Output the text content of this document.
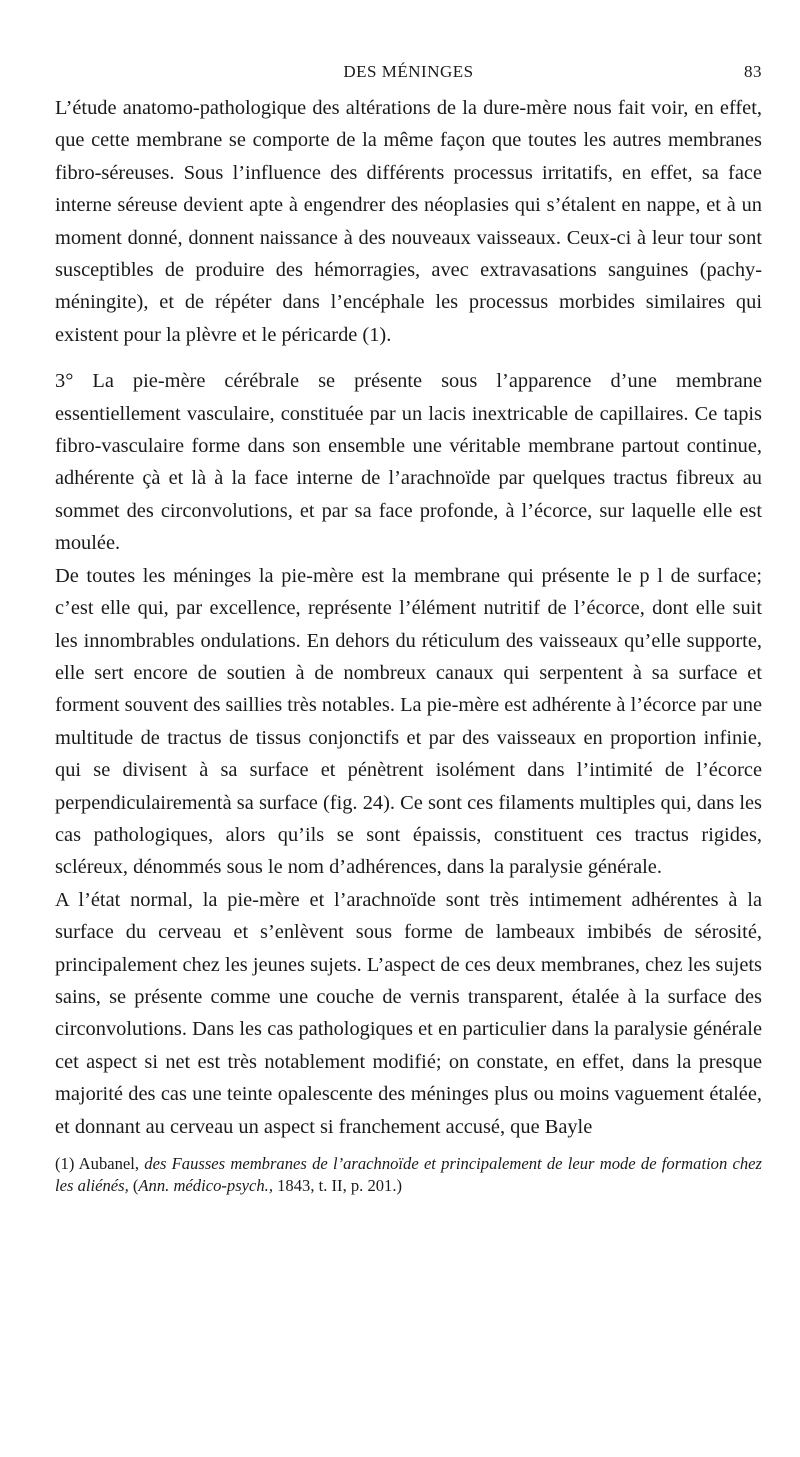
DES MÉNINGES	83

L’étude anatomo-pathologique des altérations de la dure-mère nous fait voir, en effet, que cette membrane se comporte de la même façon que toutes les autres membranes fibro-séreuses. Sous l’influence des différents processus irritatifs, en effet, sa face interne séreuse devient apte à engendrer des néoplasies qui s’étalent en nappe, et à un moment donné, donnent naissance à des nouveaux vaisseaux. Ceux-ci à leur tour sont susceptibles de produire des hémorragies, avec extravasations sanguines (pachy-méningite), et de répéter dans l’encéphale les processus morbides similaires qui existent pour la plèvre et le péricarde (1).

3° La pie-mère cérébrale se présente sous l’apparence d’une membrane essentiellement vasculaire, constituée par un lacis inextricable de capillaires. Ce tapis fibro-vasculaire forme dans son ensemble une véritable membrane partout continue, adhérente çà et là à la face interne de l’arachnoïde par quelques tractus fibreux au sommet des circonvolutions, et par sa face profonde, à l’écorce, sur laquelle elle est moulée.

De toutes les méninges la pie-mère est la membrane qui présente le p l de surface; c’est elle qui, par excellence, représente l’élément nutritif de l’écorce, dont elle suit les innombrables ondulations. En dehors du réticulum des vaisseaux qu’elle supporte, elle sert encore de soutien à de nombreux canaux qui serpentent à sa surface et forment souvent des saillies très notables. La pie-mère est adhérente à l’écorce par une multitude de tractus de tissus conjonctifs et par des vaisseaux en proportion infinie, qui se divisent à sa surface et pénètrent isolément dans l’intimité de l’écorce perpendiculairementà sa surface (fig. 24). Ce sont ces filaments multiples qui, dans les cas pathologiques, alors qu’ils se sont épaissis, constituent ces tractus rigides, scléreux, dénommés sous le nom d’adhérences, dans la paralysie générale.

A l’état normal, la pie-mère et l’arachnoïde sont très intimement adhérentes à la surface du cerveau et s’enlèvent sous forme de lambeaux imbibés de sérosité, principalement chez les jeunes sujets. L’aspect de ces deux membranes, chez les sujets sains, se présente comme une couche de vernis transparent, étalée à la surface des circonvolutions. Dans les cas pathologiques et en particulier dans la paralysie générale cet aspect si net est très notablement modifié; on constate, en effet, dans la presque majorité des cas une teinte opalescente des méninges plus ou moins vaguement étalée, et donnant au cerveau un aspect si franchement accusé, que Bayle

(1) Aubanel, des Fausses membranes de l’arachnoïde et principalement de leur mode de formation chez les aliénés, (Ann. médico-psych., 1843, t. II, p. 201.)
